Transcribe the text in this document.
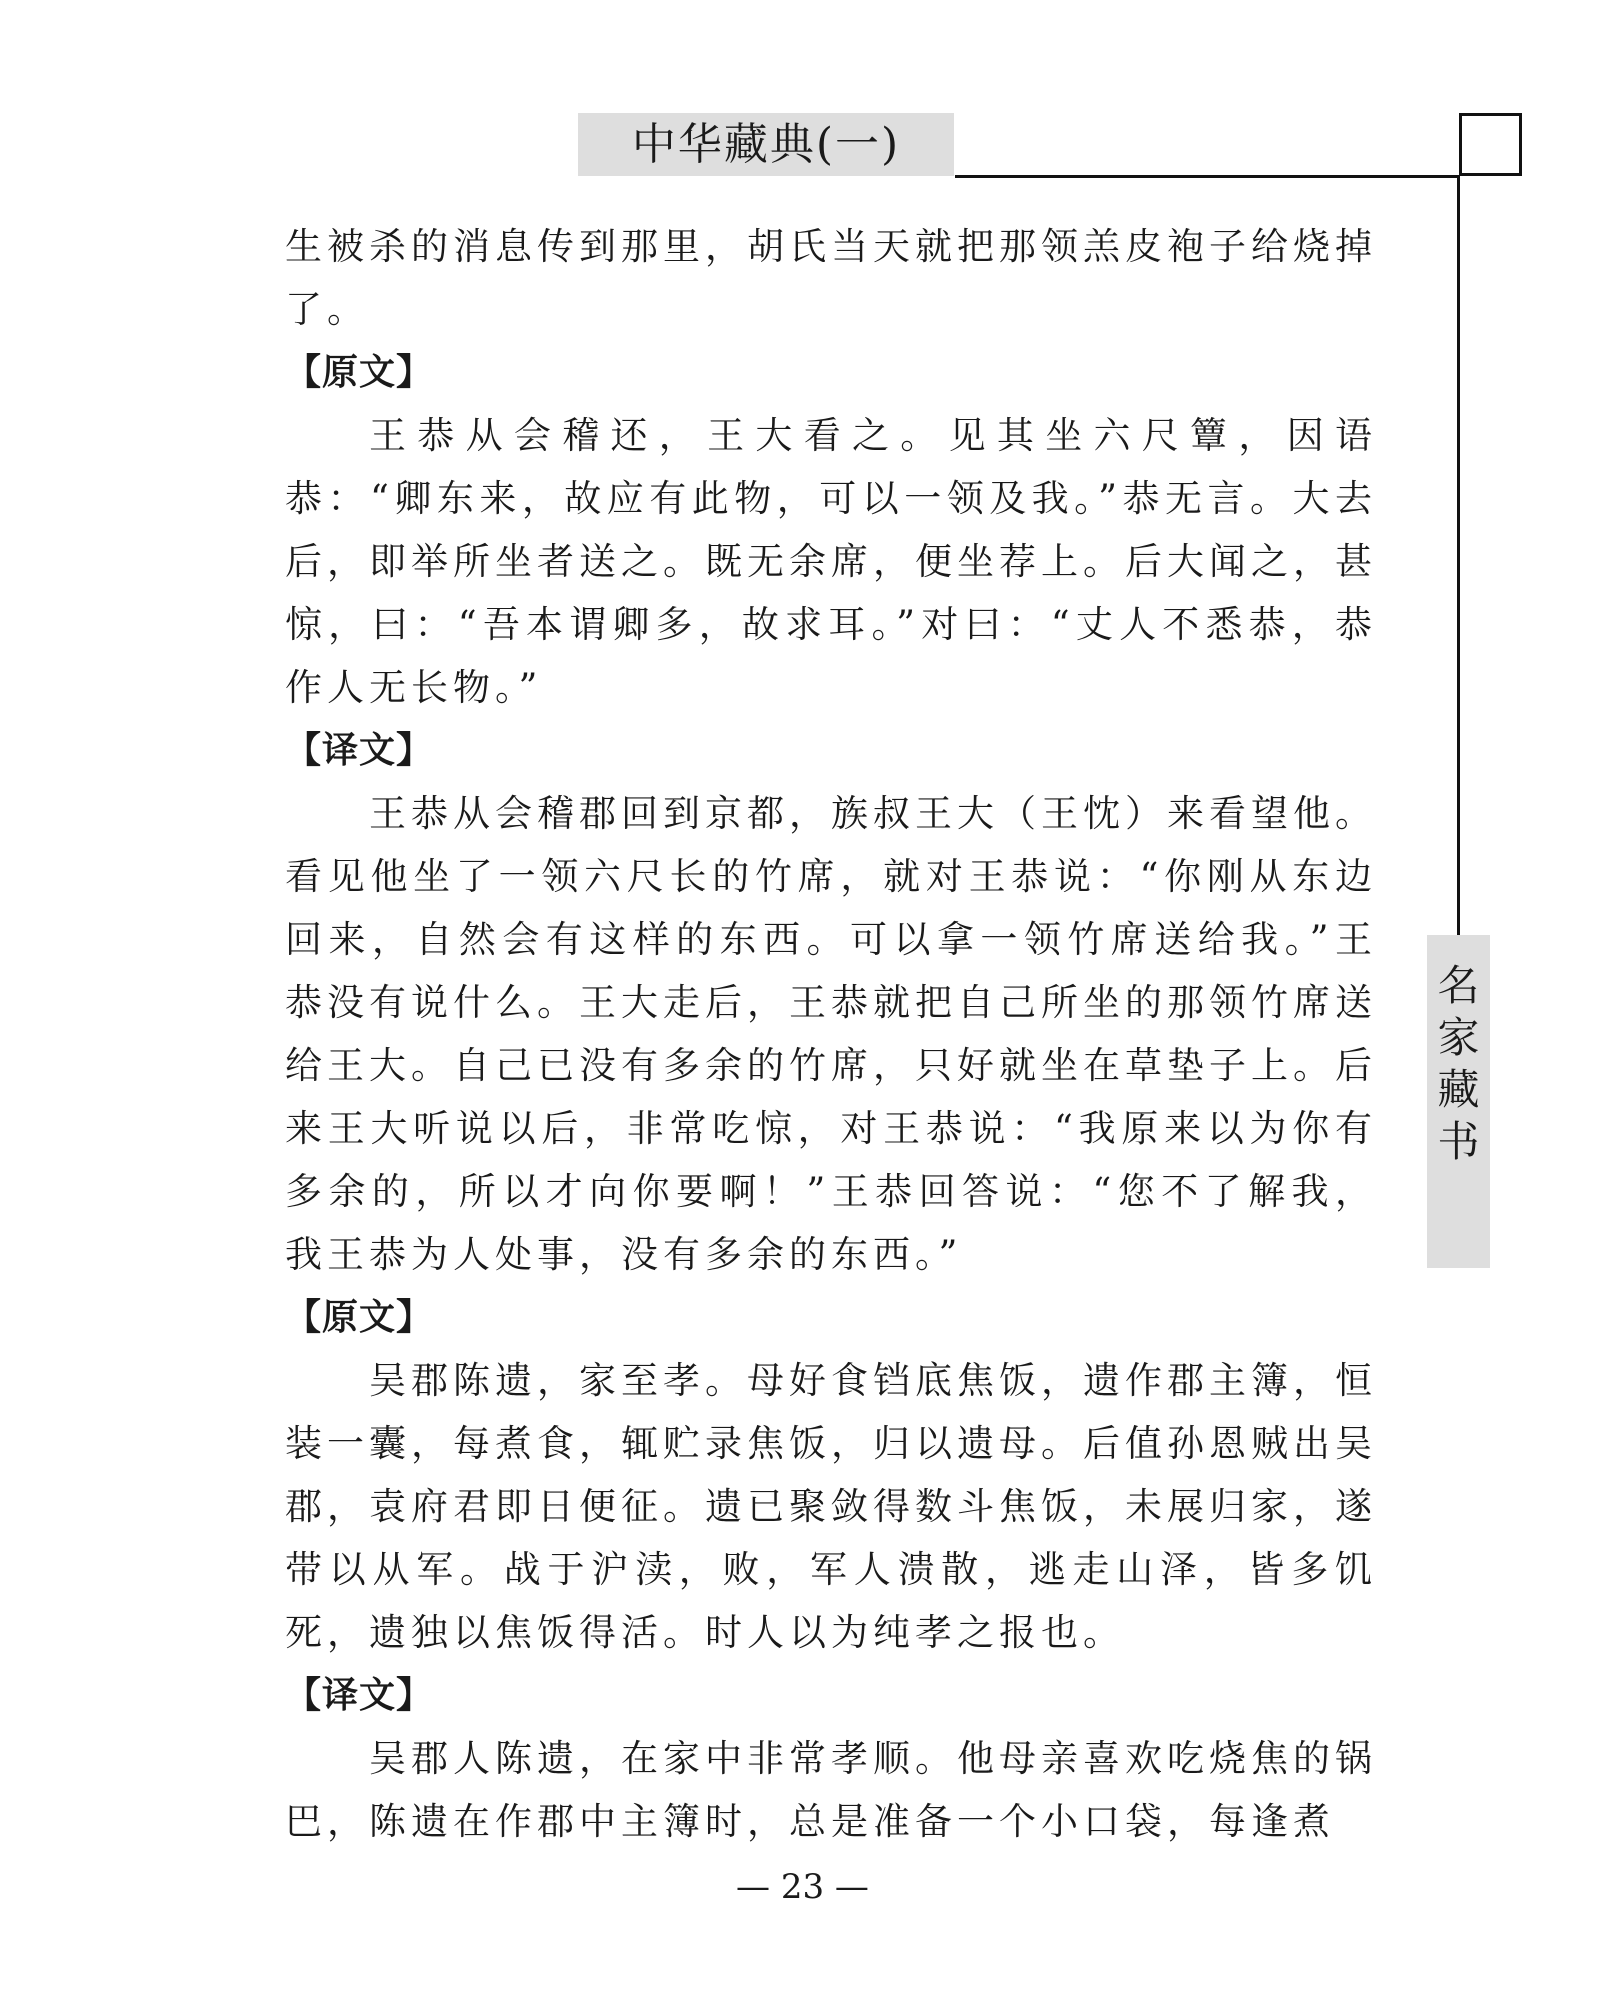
中华藏典(一)
名
家
藏
书

生被杀的消息传到那里，胡氏当天就把那领羔皮袍子给烧掉了。

【原文】

王恭从会稽还，王大看之。见其坐六尺簟，因语恭：“卿东来，故应有此物，可以一领及我。”恭无言。大去后，即举所坐者送之。既无余席，便坐荐上。后大闻之，甚惊，曰：“吾本谓卿多，故求耳。”对曰：“丈人不悉恭，恭作人无长物。”

【译文】

王恭从会稽郡回到京都，族叔王大（王忱）来看望他。看见他坐了一领六尺长的竹席，就对王恭说：“你刚从东边回来，自然会有这样的东西。可以拿一领竹席送给我。”王恭没有说什么。王大走后，王恭就把自己所坐的那领竹席送给王大。自己已没有多余的竹席，只好就坐在草垫子上。后来王大听说以后，非常吃惊，对王恭说：“我原来以为你有多余的，所以才向你要啊！”王恭回答说：“您不了解我，我王恭为人处事，没有多余的东西。”

【原文】

吴郡陈遗，家至孝。母好食铛底焦饭，遗作郡主簿，恒装一囊，每煮食，辄贮录焦饭，归以遗母。后值孙恩贼出吴郡，袁府君即日便征。遗已聚敛得数斗焦饭，未展归家，遂带以从军。战于沪渎，败，军人溃散，逃走山泽，皆多饥死，遗独以焦饭得活。时人以为纯孝之报也。

【译文】

吴郡人陈遗，在家中非常孝顺。他母亲喜欢吃烧焦的锅巴，陈遗在作郡中主簿时，总是准备一个小口袋，每逢煮

— 23 —
